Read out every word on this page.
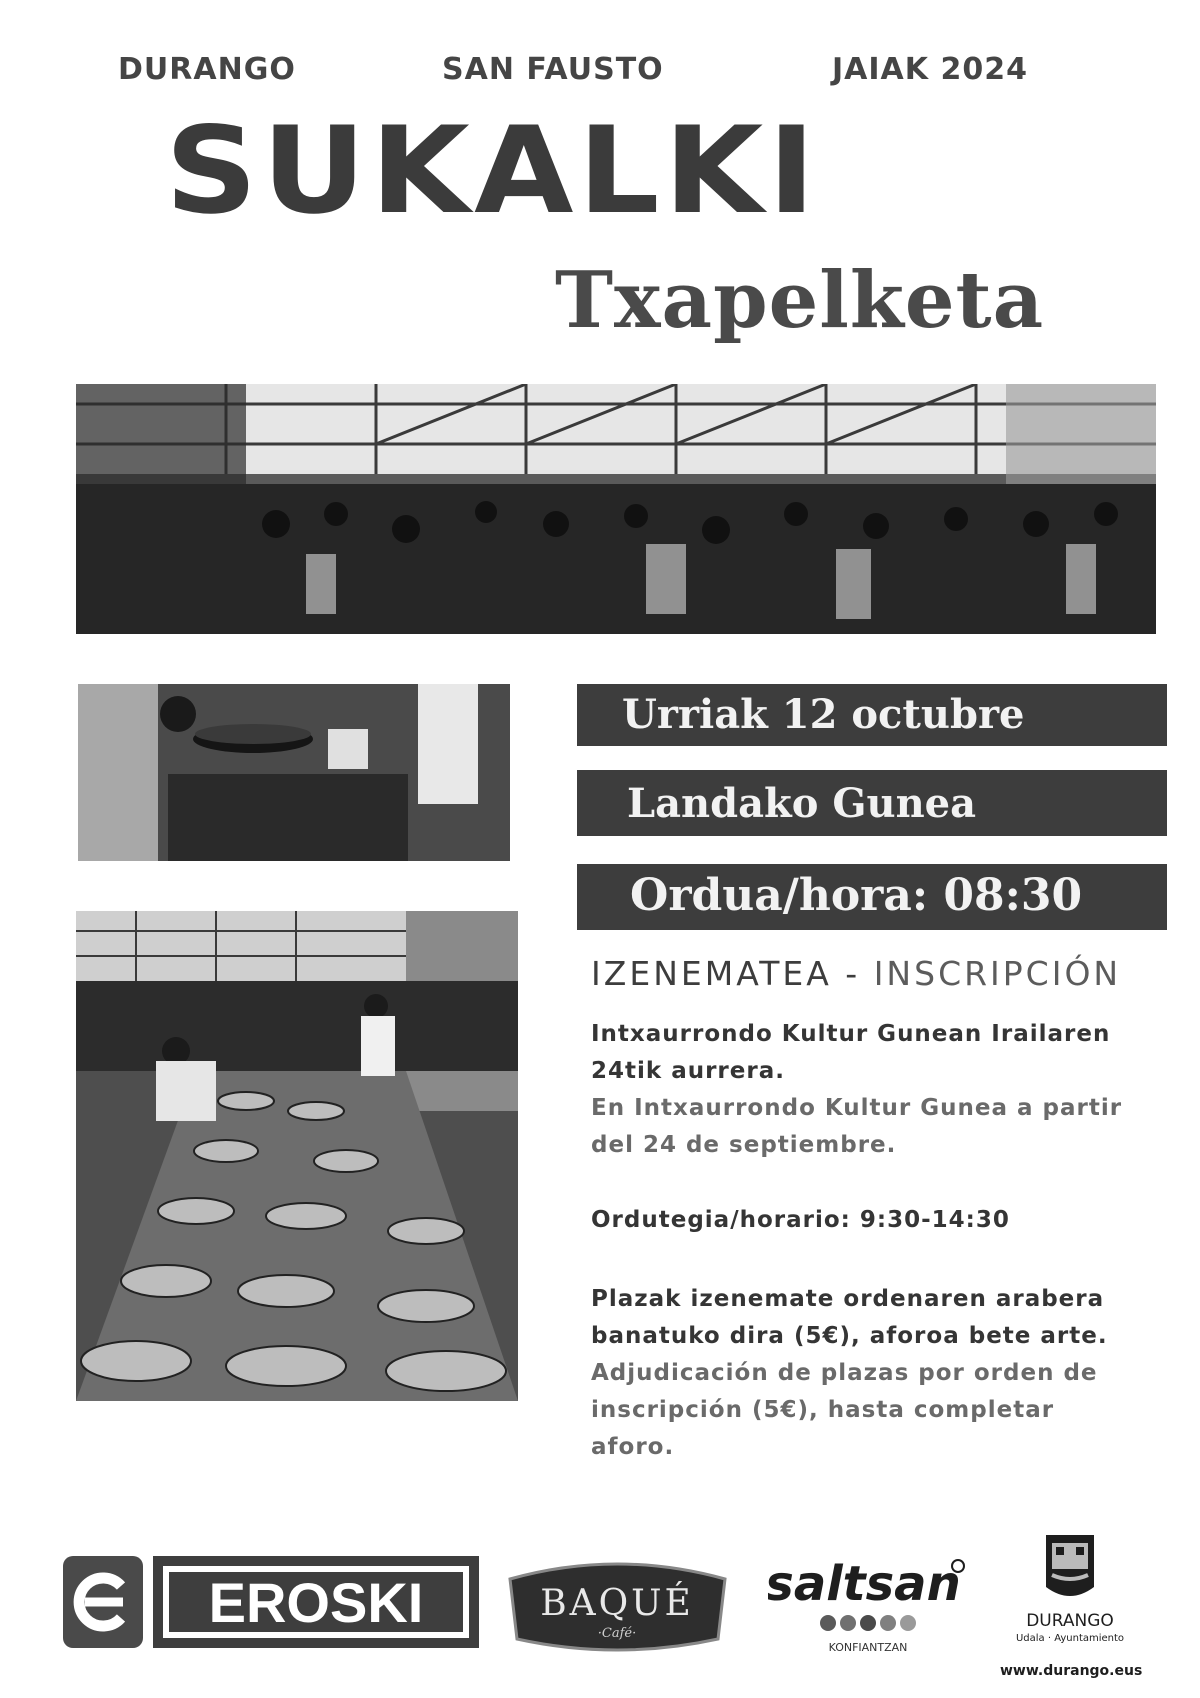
DURANGO	SAN FAUSTO	JAIAK 2024
SUKALKI
Txapelketa
Urriak 12 octubre
Landako Gunea
Ordua/hora: 08:30
IZENEMATEA - INSCRIPCIÓN
Intxaurrondo Kultur Gunean Irailaren
24tik aurrera.
En Intxaurrondo Kultur Gunea a partir
del 24 de septiembre.
Ordutegia/horario: 9:30-14:30
Plazak izenemate ordenaren arabera
banatuko dira (5€), aforoa bete arte.
Adjudicación de plazas por orden de
inscripción (5€), hasta completar
aforo.
EROSKI	BAQUÉ
·Café·
saltsan
KONFIANTZAN
DURANGO
Udala · Ayuntamiento
www.durango.eus
